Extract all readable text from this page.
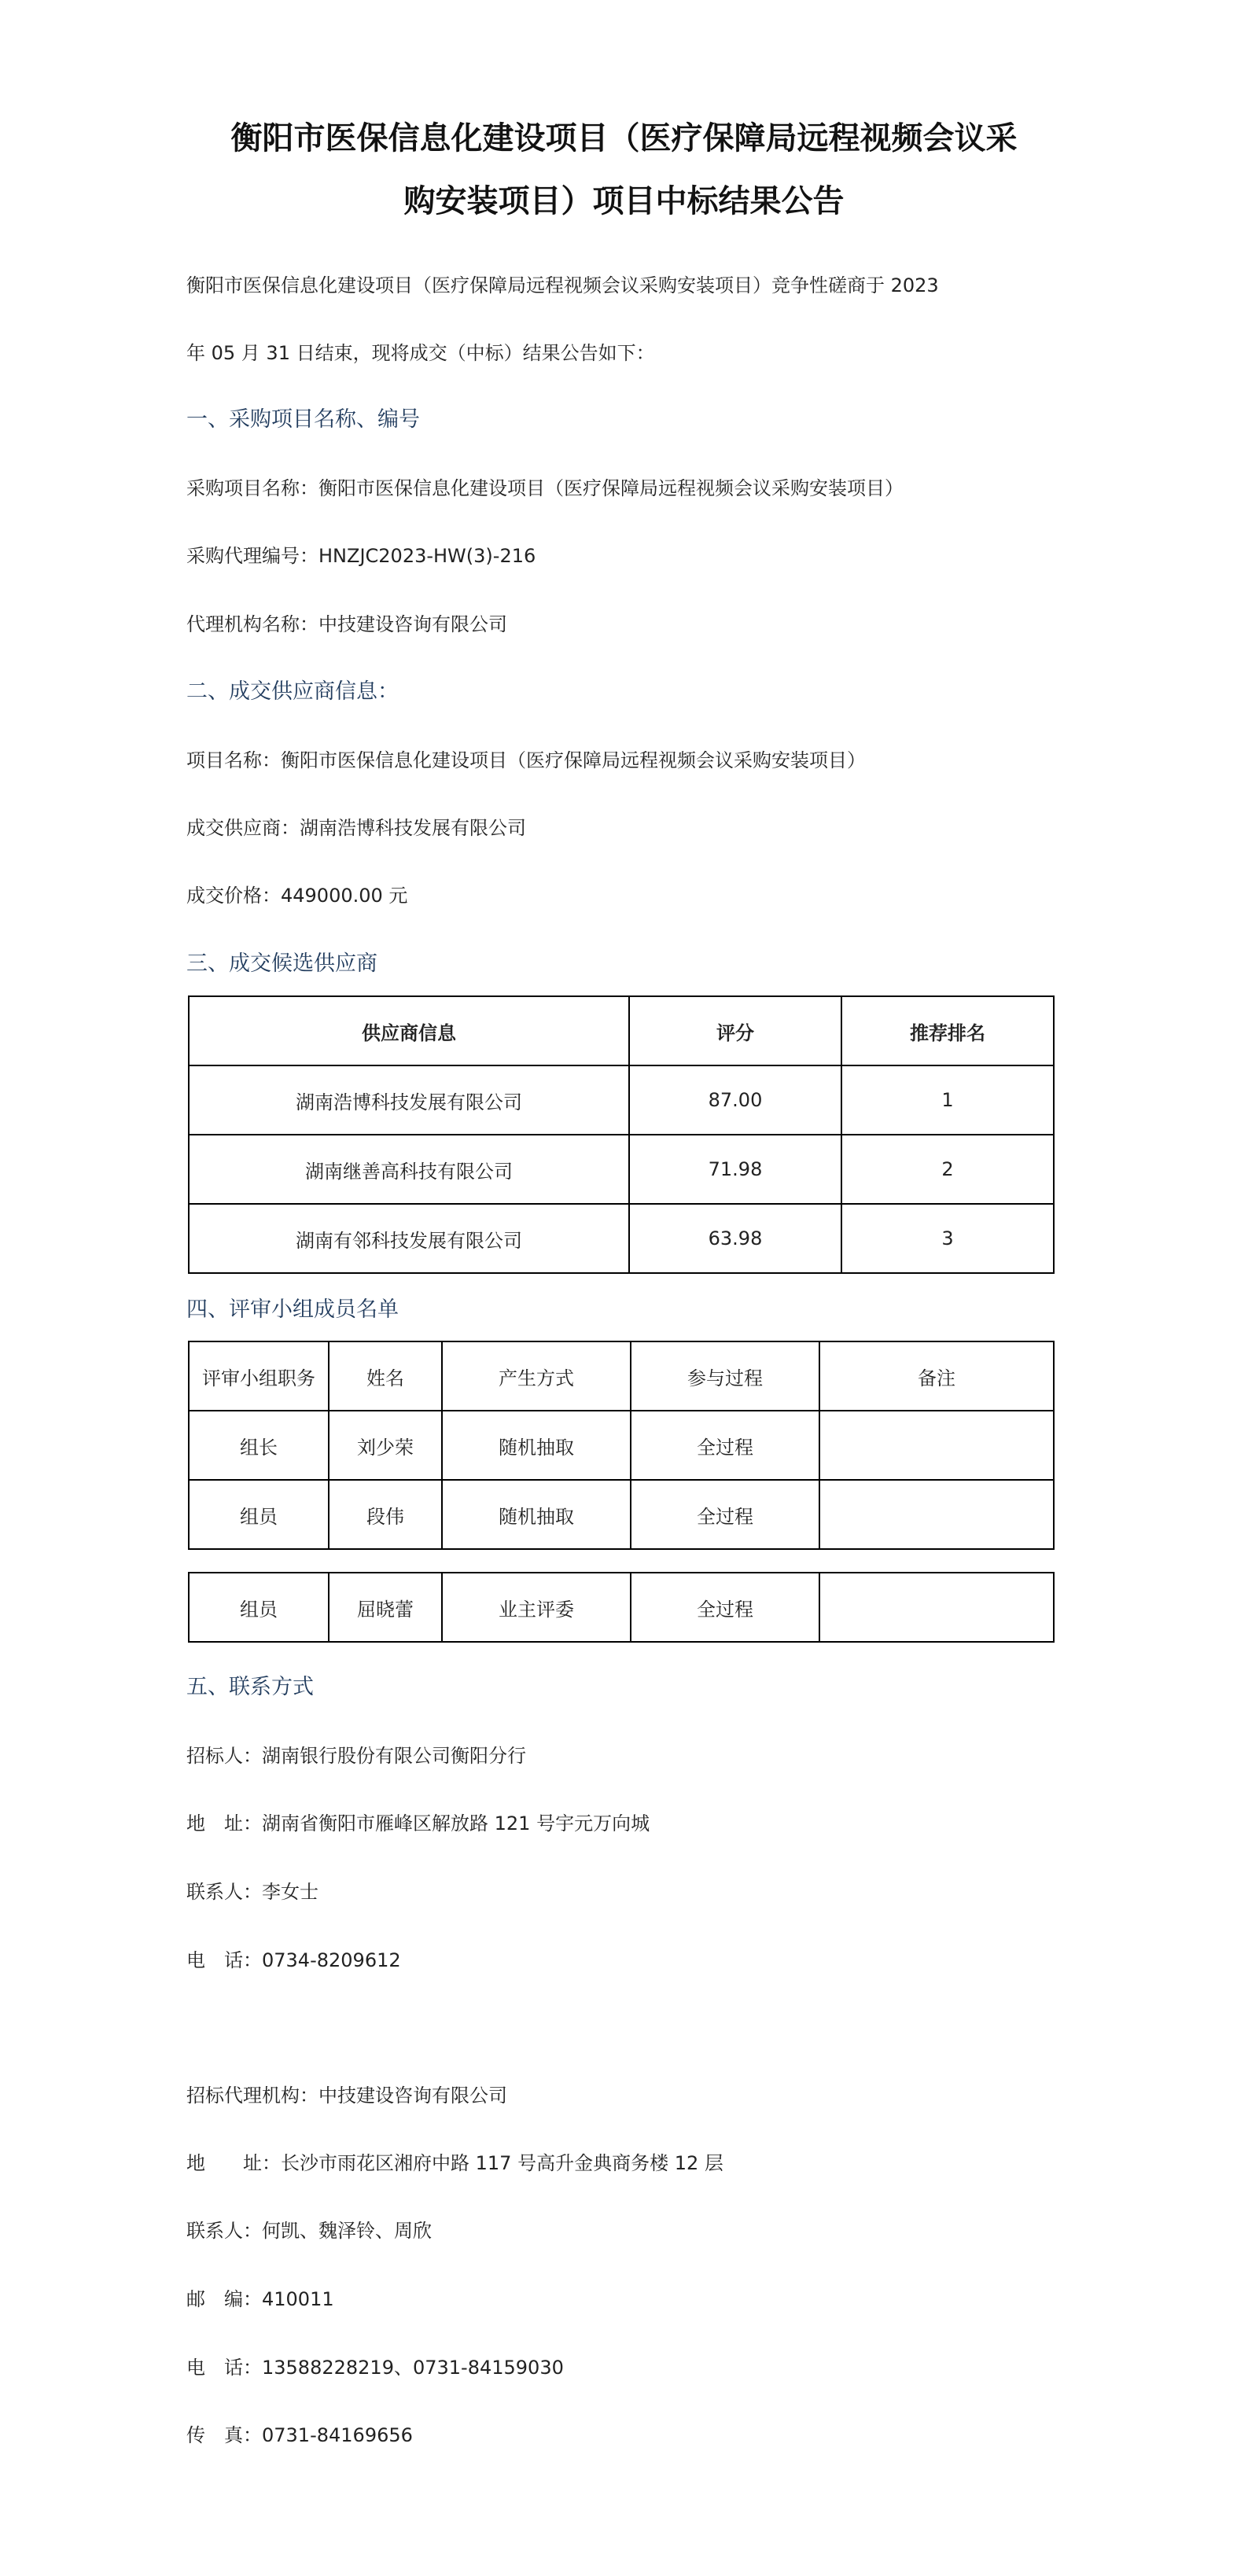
衡阳市医保信息化建设项目（医疗保障局远程视频会议采
购安装项目）项目中标结果公告
衡阳市医保信息化建设项目（医疗保障局远程视频会议采购安装项目）竞争性磋商于 2023
年 05 月 31 日结束，现将成交（中标）结果公告如下：
一、采购项目名称、编号
采购项目名称：衡阳市医保信息化建设项目（医疗保障局远程视频会议采购安装项目）
采购代理编号：HNZJC2023-HW(3)-216
代理机构名称：中技建设咨询有限公司
二、成交供应商信息：
项目名称：衡阳市医保信息化建设项目（医疗保障局远程视频会议采购安装项目）
成交供应商：湖南浩博科技发展有限公司
成交价格：449000.00 元
三、成交候选供应商
供应商信息	评分	推荐排名
湖南浩博科技发展有限公司	87.00	1
湖南继善高科技有限公司	71.98	2
湖南有邻科技发展有限公司	63.98	3
四、评审小组成员名单
评审小组职务	姓名	产生方式	参与过程	备注
组长	刘少荣	随机抽取	全过程	
组员	段伟	随机抽取	全过程	
组员	屈晓蕾	业主评委	全过程	
五、联系方式
招标人：湖南银行股份有限公司衡阳分行
地　址：湖南省衡阳市雁峰区解放路 121 号宇元万向城
联系人：李女士
电　话：0734-8209612
招标代理机构：中技建设咨询有限公司
地　　址：长沙市雨花区湘府中路 117 号高升金典商务楼 12 层
联系人：何凯、魏泽铃、周欣
邮　编：410011
电　话：13588228219、0731-84159030
传　真：0731-84169656
